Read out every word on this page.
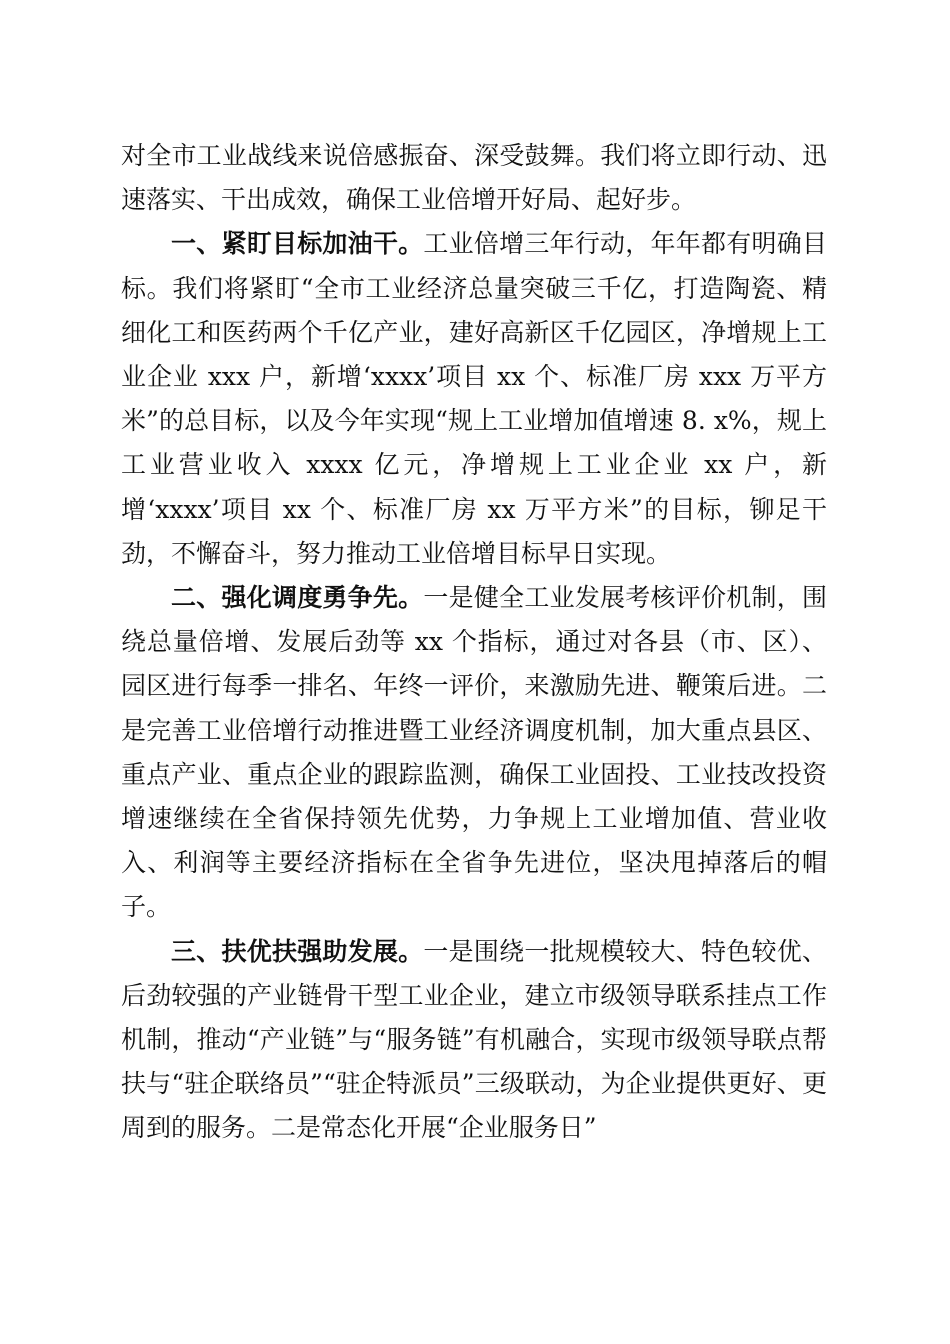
对全市工业战线来说倍感振奋、深受鼓舞。我们将立即行动、迅速落实、干出成效，确保工业倍增开好局、起好步。

一、紧盯目标加油干。工业倍增三年行动，年年都有明确目标。我们将紧盯“全市工业经济总量突破三千亿，打造陶瓷、精细化工和医药两个千亿产业，建好高新区千亿园区，净增规上工业企业 xxx 户，新增‘xxxx’项目 xx 个、标准厂房 xxx 万平方米”的总目标，以及今年实现“规上工业增加值增速 8. x%，规上工业营业收入 xxxx 亿元，净增规上工业企业 xx 户，新增‘xxxx’项目 xx 个、标准厂房 xx 万平方米”的目标，铆足干劲，不懈奋斗，努力推动工业倍增目标早日实现。

二、强化调度勇争先。一是健全工业发展考核评价机制，围绕总量倍增、发展后劲等 xx 个指标，通过对各县（市、区）、园区进行每季一排名、年终一评价，来激励先进、鞭策后进。二是完善工业倍增行动推进暨工业经济调度机制，加大重点县区、重点产业、重点企业的跟踪监测，确保工业固投、工业技改投资增速继续在全省保持领先优势，力争规上工业增加值、营业收入、利润等主要经济指标在全省争先进位，坚决甩掉落后的帽子。

三、扶优扶强助发展。一是围绕一批规模较大、特色较优、后劲较强的产业链骨干型工业企业，建立市级领导联系挂点工作机制，推动“产业链”与“服务链”有机融合，实现市级领导联点帮扶与“驻企联络员”“驻企特派员”三级联动，为企业提供更好、更周到的服务。二是常态化开展“企业服务日”
